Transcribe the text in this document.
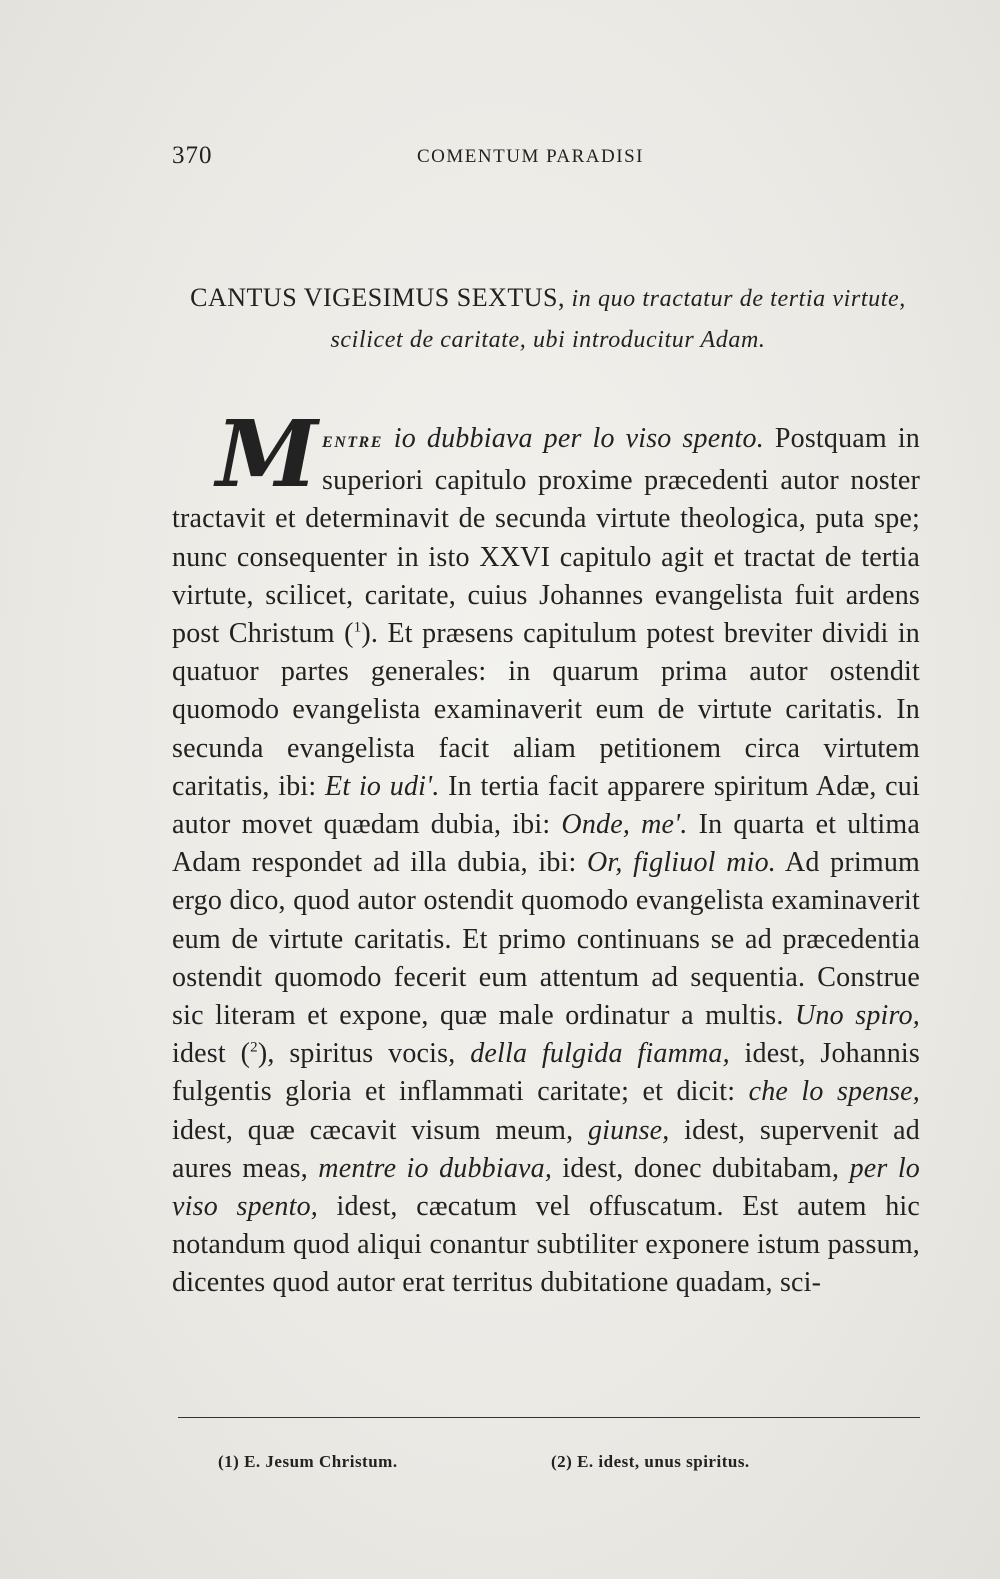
370	COMENTUM PARADISI
CANTUS VIGESIMUS SEXTUS, in quo tractatur de tertia virtute, scilicet de caritate, ubi introducitur Adam.
MENTRE io dubbiava per lo viso spento. Postquam in superiori capitulo proxime præcedenti autor noster tractavit et determinavit de secunda virtute theologica, puta spe; nunc consequenter in isto XXVI capitulo agit et tractat de tertia virtute, scilicet, caritate, cuius Johannes evangelista fuit ardens post Christum ($^1$). Et præsens capitulum potest breviter dividi in quatuor partes generales: in quarum prima autor ostendit quomodo evangelista examinaverit eum de virtute caritatis. In secunda evangelista facit aliam petitionem circa virtutem caritatis, ibi: Et io udi'. In tertia facit apparere spiritum Adæ, cui autor movet quædam dubia, ibi: Onde, me'. In quarta et ultima Adam respondet ad illa dubia, ibi: Or, figliuol mio. Ad primum ergo dico, quod autor ostendit quomodo evangelista examinaverit eum de virtute caritatis. Et primo continuans se ad præcedentia ostendit quomodo fecerit eum attentum ad sequentia. Construe sic literam et expone, quæ male ordinatur a multis. Uno spiro, idest ($^2$), spiritus vocis, della fulgida fiamma, idest, Johannis fulgentis gloria et inflammati caritate; et dicit: che lo spense, idest, quæ cæcavit visum meum, giunse, idest, supervenit ad aures meas, mentre io dubbiava, idest, donec dubitabam, per lo viso spento, idest, cæcatum vel offuscatum. Est autem hic notandum quod aliqui conantur subtiliter exponere istum passum, dicentes quod autor erat territus dubitatione quadam, sci-
(1) E. Jesum Christum.	(2) E. idest, unus spiritus.
